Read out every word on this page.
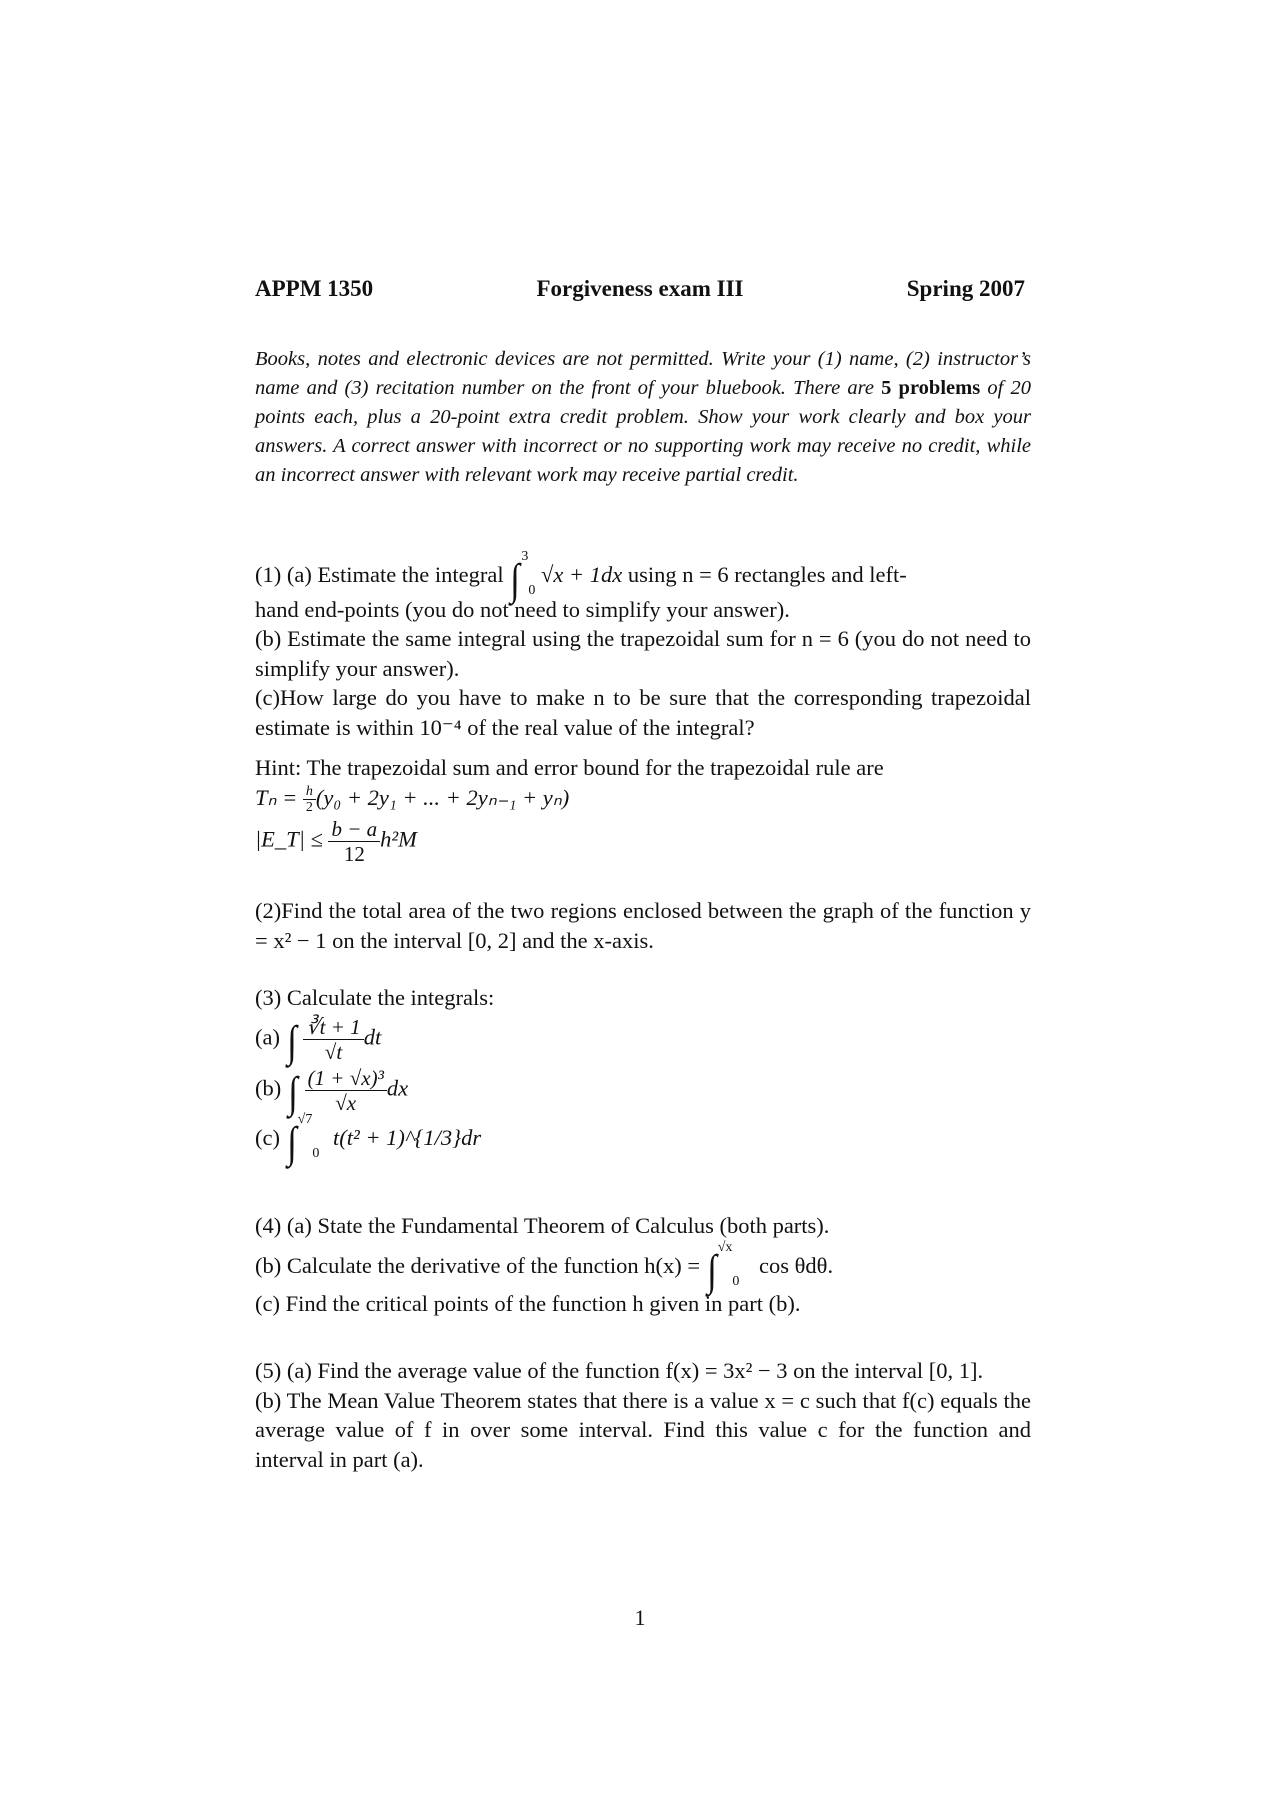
APPM 1350	Forgiveness exam III	Spring 2007
Books, notes and electronic devices are not permitted. Write your (1) name, (2) instructor’s name and (3) recitation number on the front of your bluebook. There are 5 problems of 20 points each, plus a 20-point extra credit problem. Show your work clearly and box your answers. A correct answer with incorrect or no supporting work may receive no credit, while an incorrect answer with relevant work may receive partial credit.
(1) (a) Estimate the integral ∫$^3_0$ √x + 1dx using n = 6 rectangles and left-
hand end-points (you do not need to simplify your answer).
(b) Estimate the same integral using the trapezoidal sum for n = 6 (you do not need to simplify your answer).
(c)How large do you have to make n to be sure that the corresponding trapezoidal estimate is within 10⁻⁴ of the real value of the integral?
Hint: The trapezoidal sum and error bound for the trapezoidal rule are
$T_n = \frac{h}{2} (y_0 + 2y_1$ + ... + 2yₙ₋₁ + yₙ)
|E_T| ≤ $\frac{b - a}{12} h^2M$
(2)Find the total area of the two regions enclosed between the graph of the function y = x² − 1 on the interval [0, 2] and the x-axis.
(3) Calculate the integrals:
(a) ∫ $\frac{∛t + 1}{√t}$ dt
(b) ∫ $\frac{\text{(1 + √x)³}}{√x}$ dx
(c) ∫$^{√7}_0$ t(t² + 1)^{1/3}dr
(4) (a) State the Fundamental Theorem of Calculus (both parts).
(b) Calculate the derivative of the function h(x) = ∫$^{√x}_0$ cos θdθ.
(c) Find the critical points of the function h given in part (b).
(5) (a) Find the average value of the function f(x) = 3x² − 3 on the interval [0, 1].
(b) The Mean Value Theorem states that there is a value x = c such that f(c) equals the average value of f in over some interval. Find this value c for the function and interval in part (a).
1
